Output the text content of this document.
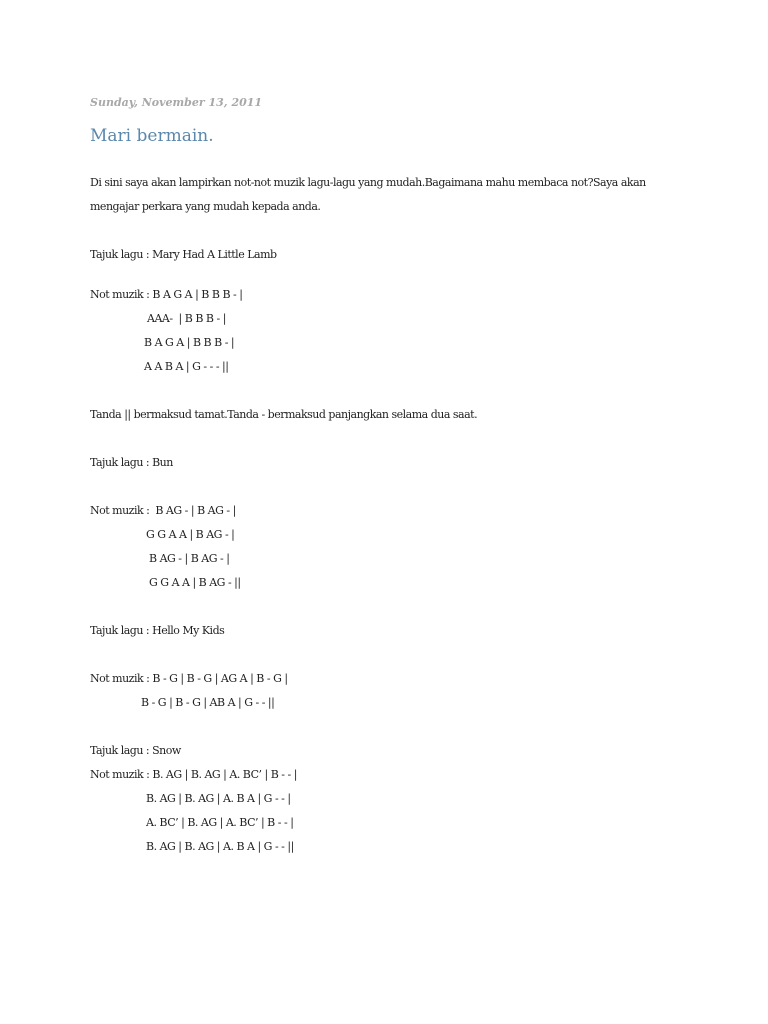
Sunday, November 13, 2011
Mari bermain.
Di sini saya akan lampirkan not-not muzik lagu-lagu yang mudah.Bagaimana mahu membaca not?Saya akan
mengajar perkara yang mudah kepada anda.
Tajuk lagu : Mary Had A Little Lamb
Not muzik : B A G A | B B B - |
AAA-  | B B B - |
B A G A | B B B - |
A A B A | G - - - ||
Tanda || bermaksud tamat.Tanda - bermaksud panjangkan selama dua saat.
Tajuk lagu : Bun
Not muzik :  B AG - | B AG - |
G G A A | B AG - |
B AG - | B AG - |
G G A A | B AG - ||
Tajuk lagu : Hello My Kids
Not muzik : B - G | B - G | AG A | B - G |
B - G | B - G | AB A | G - - ||
Tajuk lagu : Snow
Not muzik : B. AG | B. AG | A. BC’ | B - - |
B. AG | B. AG | A. B A | G - - |
A. BC’ | B. AG | A. BC’ | B - - |
B. AG | B. AG | A. B A | G - - ||
